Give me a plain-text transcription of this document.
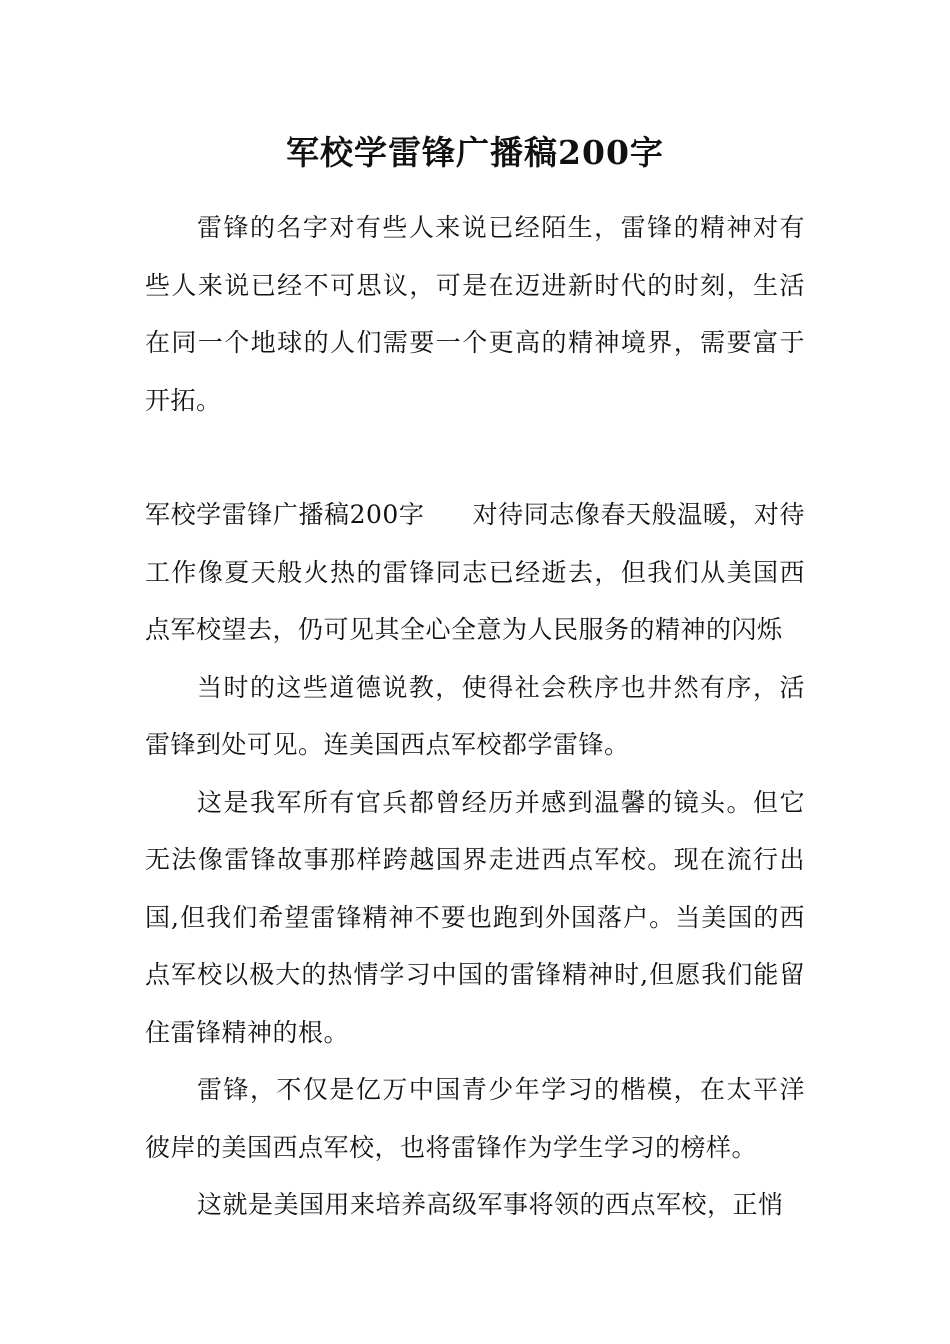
军校学雷锋广播稿200字

雷锋的名字对有些人来说已经陌生，雷锋的精神对有些人来说已经不可思议，可是在迈进新时代的时刻，生活在同一个地球的人们需要一个更高的精神境界，需要富于开拓。

军校学雷锋广播稿200字 对待同志像春天般温暖，对待工作像夏天般火热的雷锋同志已经逝去，但我们从美国西点军校望去，仍可见其全心全意为人民服务的精神的闪烁

当时的这些道德说教，使得社会秩序也井然有序，活雷锋到处可见。连美国西点军校都学雷锋。

这是我军所有官兵都曾经历并感到温馨的镜头。但它无法像雷锋故事那样跨越国界走进西点军校。现在流行出国,但我们希望雷锋精神不要也跑到外国落户。当美国的西点军校以极大的热情学习中国的雷锋精神时,但愿我们能留住雷锋精神的根。

雷锋，不仅是亿万中国青少年学习的楷模，在太平洋彼岸的美国西点军校，也将雷锋作为学生学习的榜样。

这就是美国用来培养高级军事将领的西点军校，正悄
